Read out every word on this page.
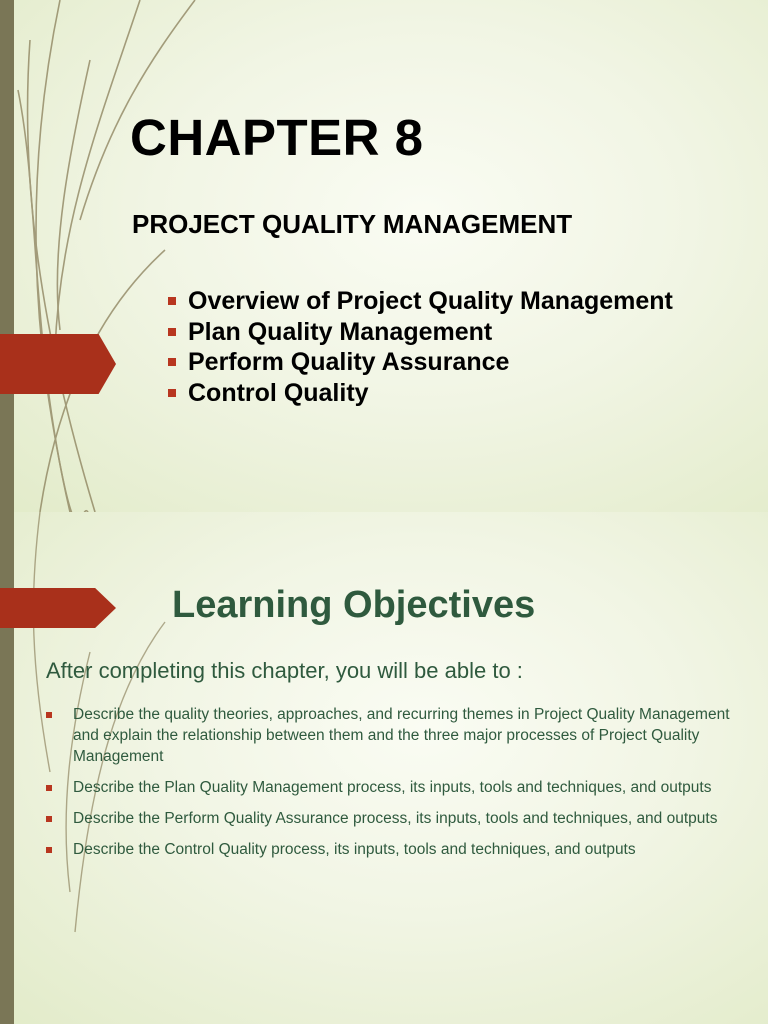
CHAPTER 8
PROJECT QUALITY MANAGEMENT
Overview of Project Quality Management
Plan Quality Management
Perform Quality Assurance
Control Quality
Learning Objectives
After completing this chapter, you will be able to :
Describe the quality theories, approaches, and recurring themes in Project Quality Management and explain the relationship between them and the three major processes of Project Quality Management
Describe the Plan Quality Management process, its inputs, tools and techniques, and outputs
Describe the Perform Quality Assurance process, its inputs, tools and techniques, and outputs
Describe the Control Quality process, its inputs, tools and techniques, and outputs
